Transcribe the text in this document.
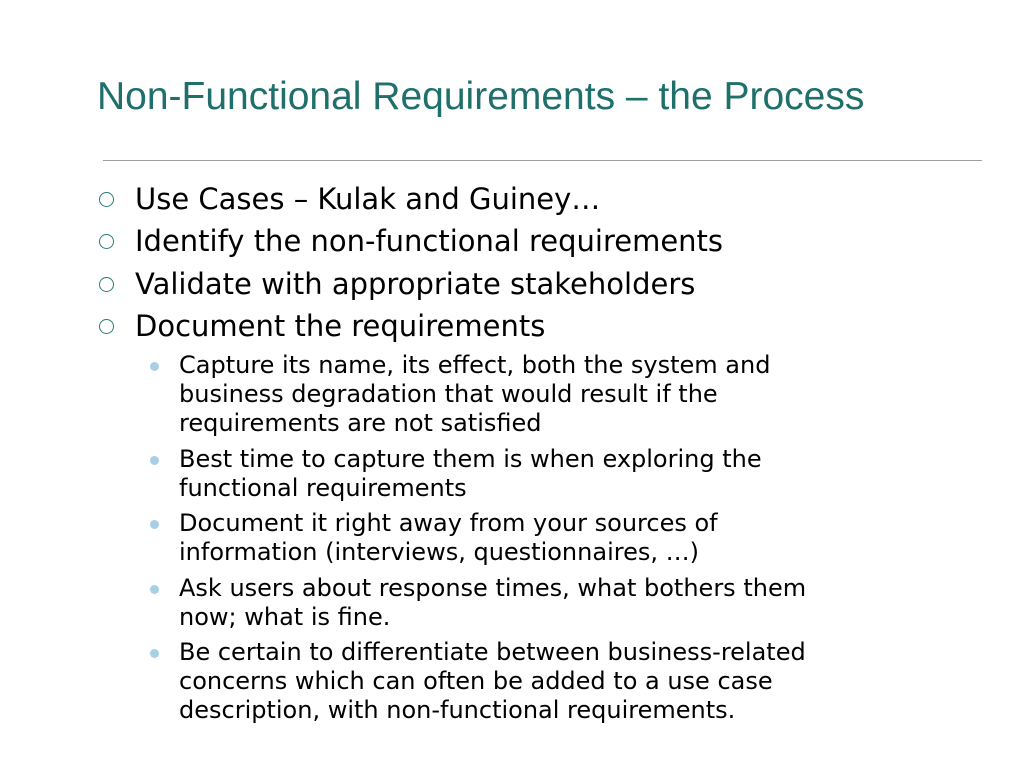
Non-Functional Requirements – the Process
Use Cases – Kulak and Guiney…
Identify the non-functional requirements
Validate with appropriate stakeholders
Document the requirements
Capture its name, its effect, both the system and
business degradation that would result if the
requirements are not satisfied
Best time to capture them is when exploring the
functional requirements
Document it right away from your sources of
information (interviews, questionnaires, …)
Ask users about response times, what bothers them
now; what is fine.
Be certain to differentiate between business-related
concerns which can often be added to a use case
description, with non-functional requirements.
